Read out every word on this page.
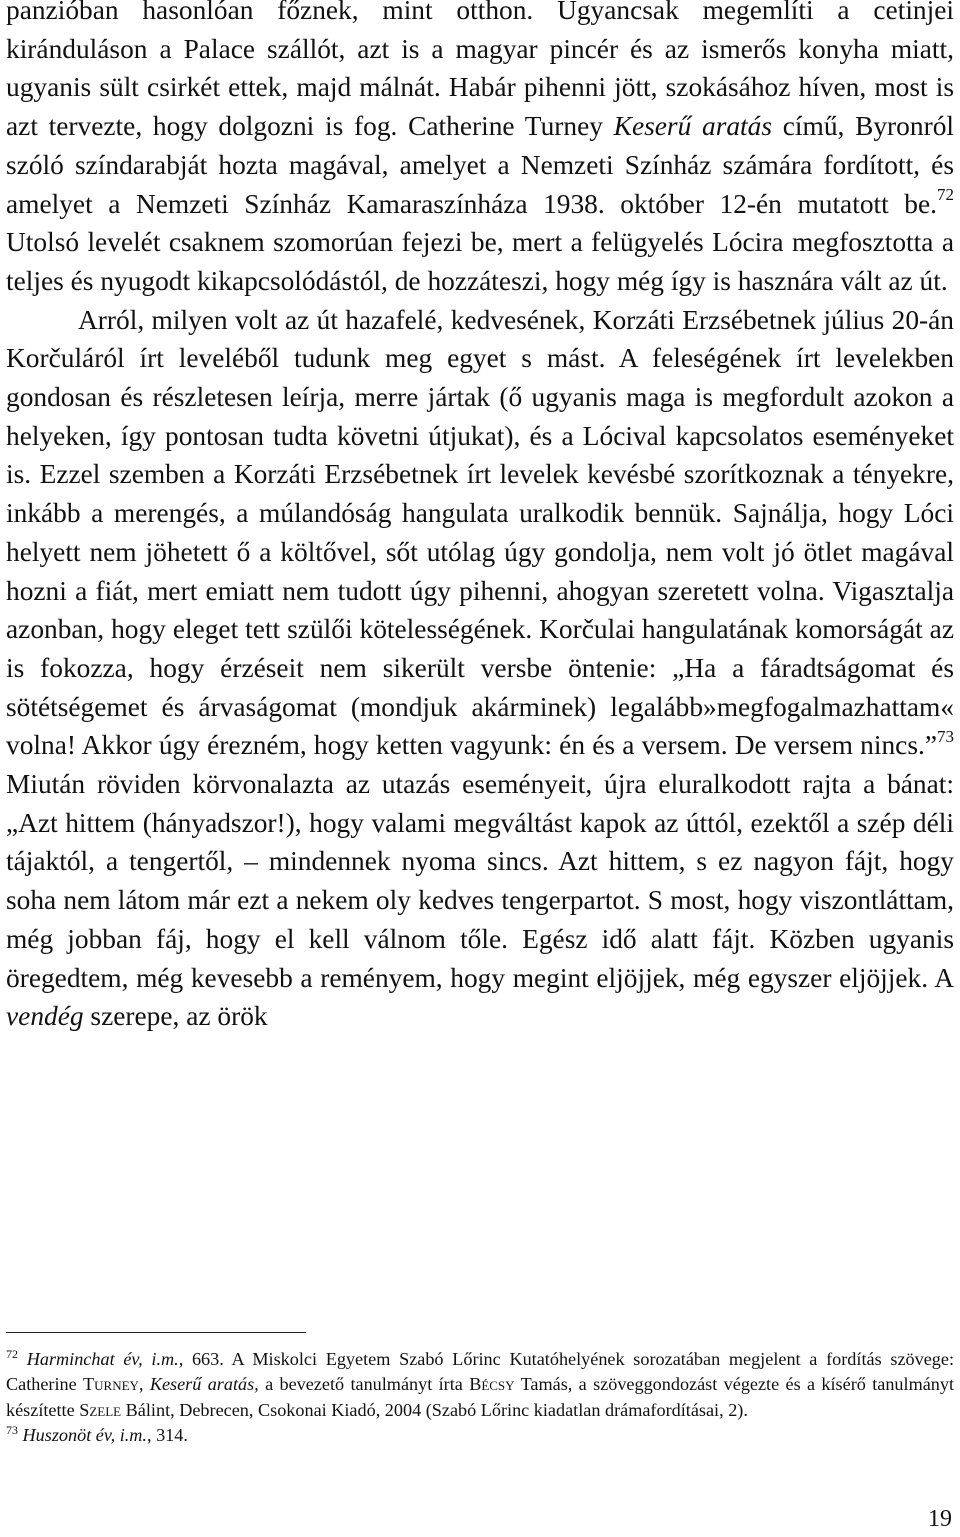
panzióban hasonlóan főznek, mint otthon. Ugyancsak megemlíti a cetinjei kiránduláson a Palace szállót, azt is a magyar pincér és az ismerős konyha miatt, ugyanis sült csirkét ettek, majd málnát. Habár pihenni jött, szokásához híven, most is azt tervezte, hogy dolgozni is fog. Catherine Turney Keserű aratás című, Byronról szóló színdarabját hozta magával, amelyet a Nemzeti Színház számára fordított, és amelyet a Nemzeti Színház Kamaraszínháza 1938. október 12-én mutatott be.$^{72}$ Utolsó levelét csaknem szomorúan fejezi be, mert a felügyelés Lócira megfosztotta a teljes és nyugodt kikapcsolódástól, de hozzáteszi, hogy még így is hasznára vált az út.

Arról, milyen volt az út hazafelé, kedvesének, Korzáti Erzsébetnek július 20-án Korčuláról írt leveléből tudunk meg egyet s mást. A feleségének írt levelekben gondosan és részletesen leírja, merre jártak (ő ugyanis maga is megfordult azokon a helyeken, így pontosan tudta követni útjukat), és a Lócival kapcsolatos eseményeket is. Ezzel szemben a Korzáti Erzsébetnek írt levelek kevésbé szorítkoznak a tényekre, inkább a merengés, a múlandóság hangulata uralkodik bennük. Sajnálja, hogy Lóci helyett nem jöhetett ő a költővel, sőt utólag úgy gondolja, nem volt jó ötlet magával hozni a fiát, mert emiatt nem tudott úgy pihenni, ahogyan szeretett volna. Vigasztalja azonban, hogy eleget tett szülői kötelességének. Korčulai hangulatának komorságát az is fokozza, hogy érzéseit nem sikerült versbe öntenie: „Ha a fáradtságomat és sötétségemet és árvaságomat (mondjuk akárminek) legalább»megfogalmazhattam« volna! Akkor úgy érezném, hogy ketten vagyunk: én és a versem. De versem nincs.”$^{73}$ Miután röviden körvonalazta az utazás eseményeit, újra eluralkodott rajta a bánat: „Azt hittem (hányadszor!), hogy valami megváltást kapok az úttól, ezektől a szép déli tájaktól, a tengertől, – mindennek nyoma sincs. Azt hittem, s ez nagyon fájt, hogy soha nem látom már ezt a nekem oly kedves tengerpartot. S most, hogy viszontláttam, még jobban fáj, hogy el kell válnom tőle. Egész idő alatt fájt. Közben ugyanis öregedtem, még kevesebb a reményem, hogy megint eljöjjek, még egyszer eljöjjek. A vendég szerepe, az örök

$^{72}$ Harminchat év, i.m., 663. A Miskolci Egyetem Szabó Lőrinc Kutatóhelyének sorozatában megjelent a fordítás szövege: Catherine Turney, Keserű aratás, a bevezető tanulmányt írta Bécsy Tamás, a szöveggondozást végezte és a kísérő tanulmányt készítette Szele Bálint, Debrecen, Csokonai Kiadó, 2004 (Szabó Lőrinc kiadatlan drámafordításai, 2).

$^{73}$ Huszonöt év, i.m., 314.

19
